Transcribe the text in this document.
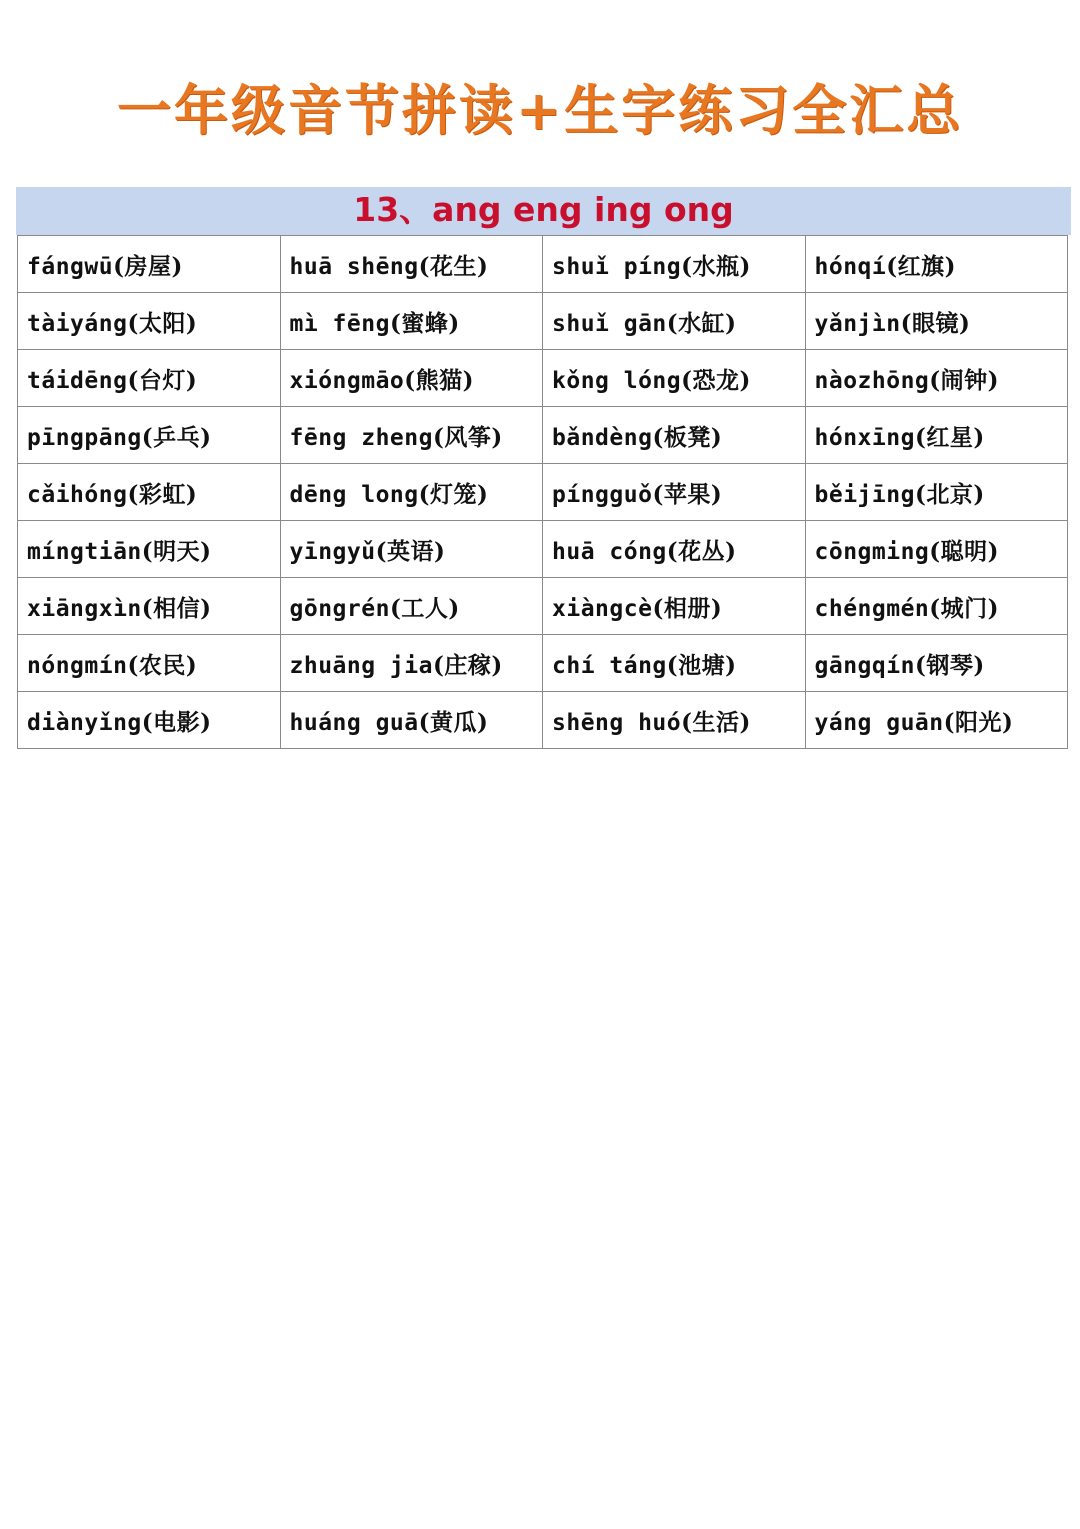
一年级音节拼读+生字练习全汇总
13、ang eng ing ong
fángwū(房屋)	huā shēng(花生)	shuǐ píng(水瓶)	hónqí(红旗)
tàiyáng(太阳)	mì fēng(蜜蜂)	shuǐ gān(水缸)	yǎnjìn(眼镜)
táidēng(台灯)	xióngmāo(熊猫)	kǒng lóng(恐龙)	nàozhōng(闹钟)
pīngpāng(乒乓)	fēng zheng(风筝)	bǎndèng(板凳)	hónxīng(红星)
cǎihóng(彩虹)	dēng long(灯笼)	píngguǒ(苹果)	běijīng(北京)
míngtiān(明天)	yīngyǔ(英语)	huā cóng(花丛)	cōngming(聪明)
xiāngxìn(相信)	gōngrén(工人)	xiàngcè(相册)	chéngmén(城门)
nóngmín(农民)	zhuāng jia(庄稼)	chí táng(池塘)	gāngqín(钢琴)
diànyǐng(电影)	huáng guā(黄瓜)	shēng huó(生活)	yáng guān(阳光)
